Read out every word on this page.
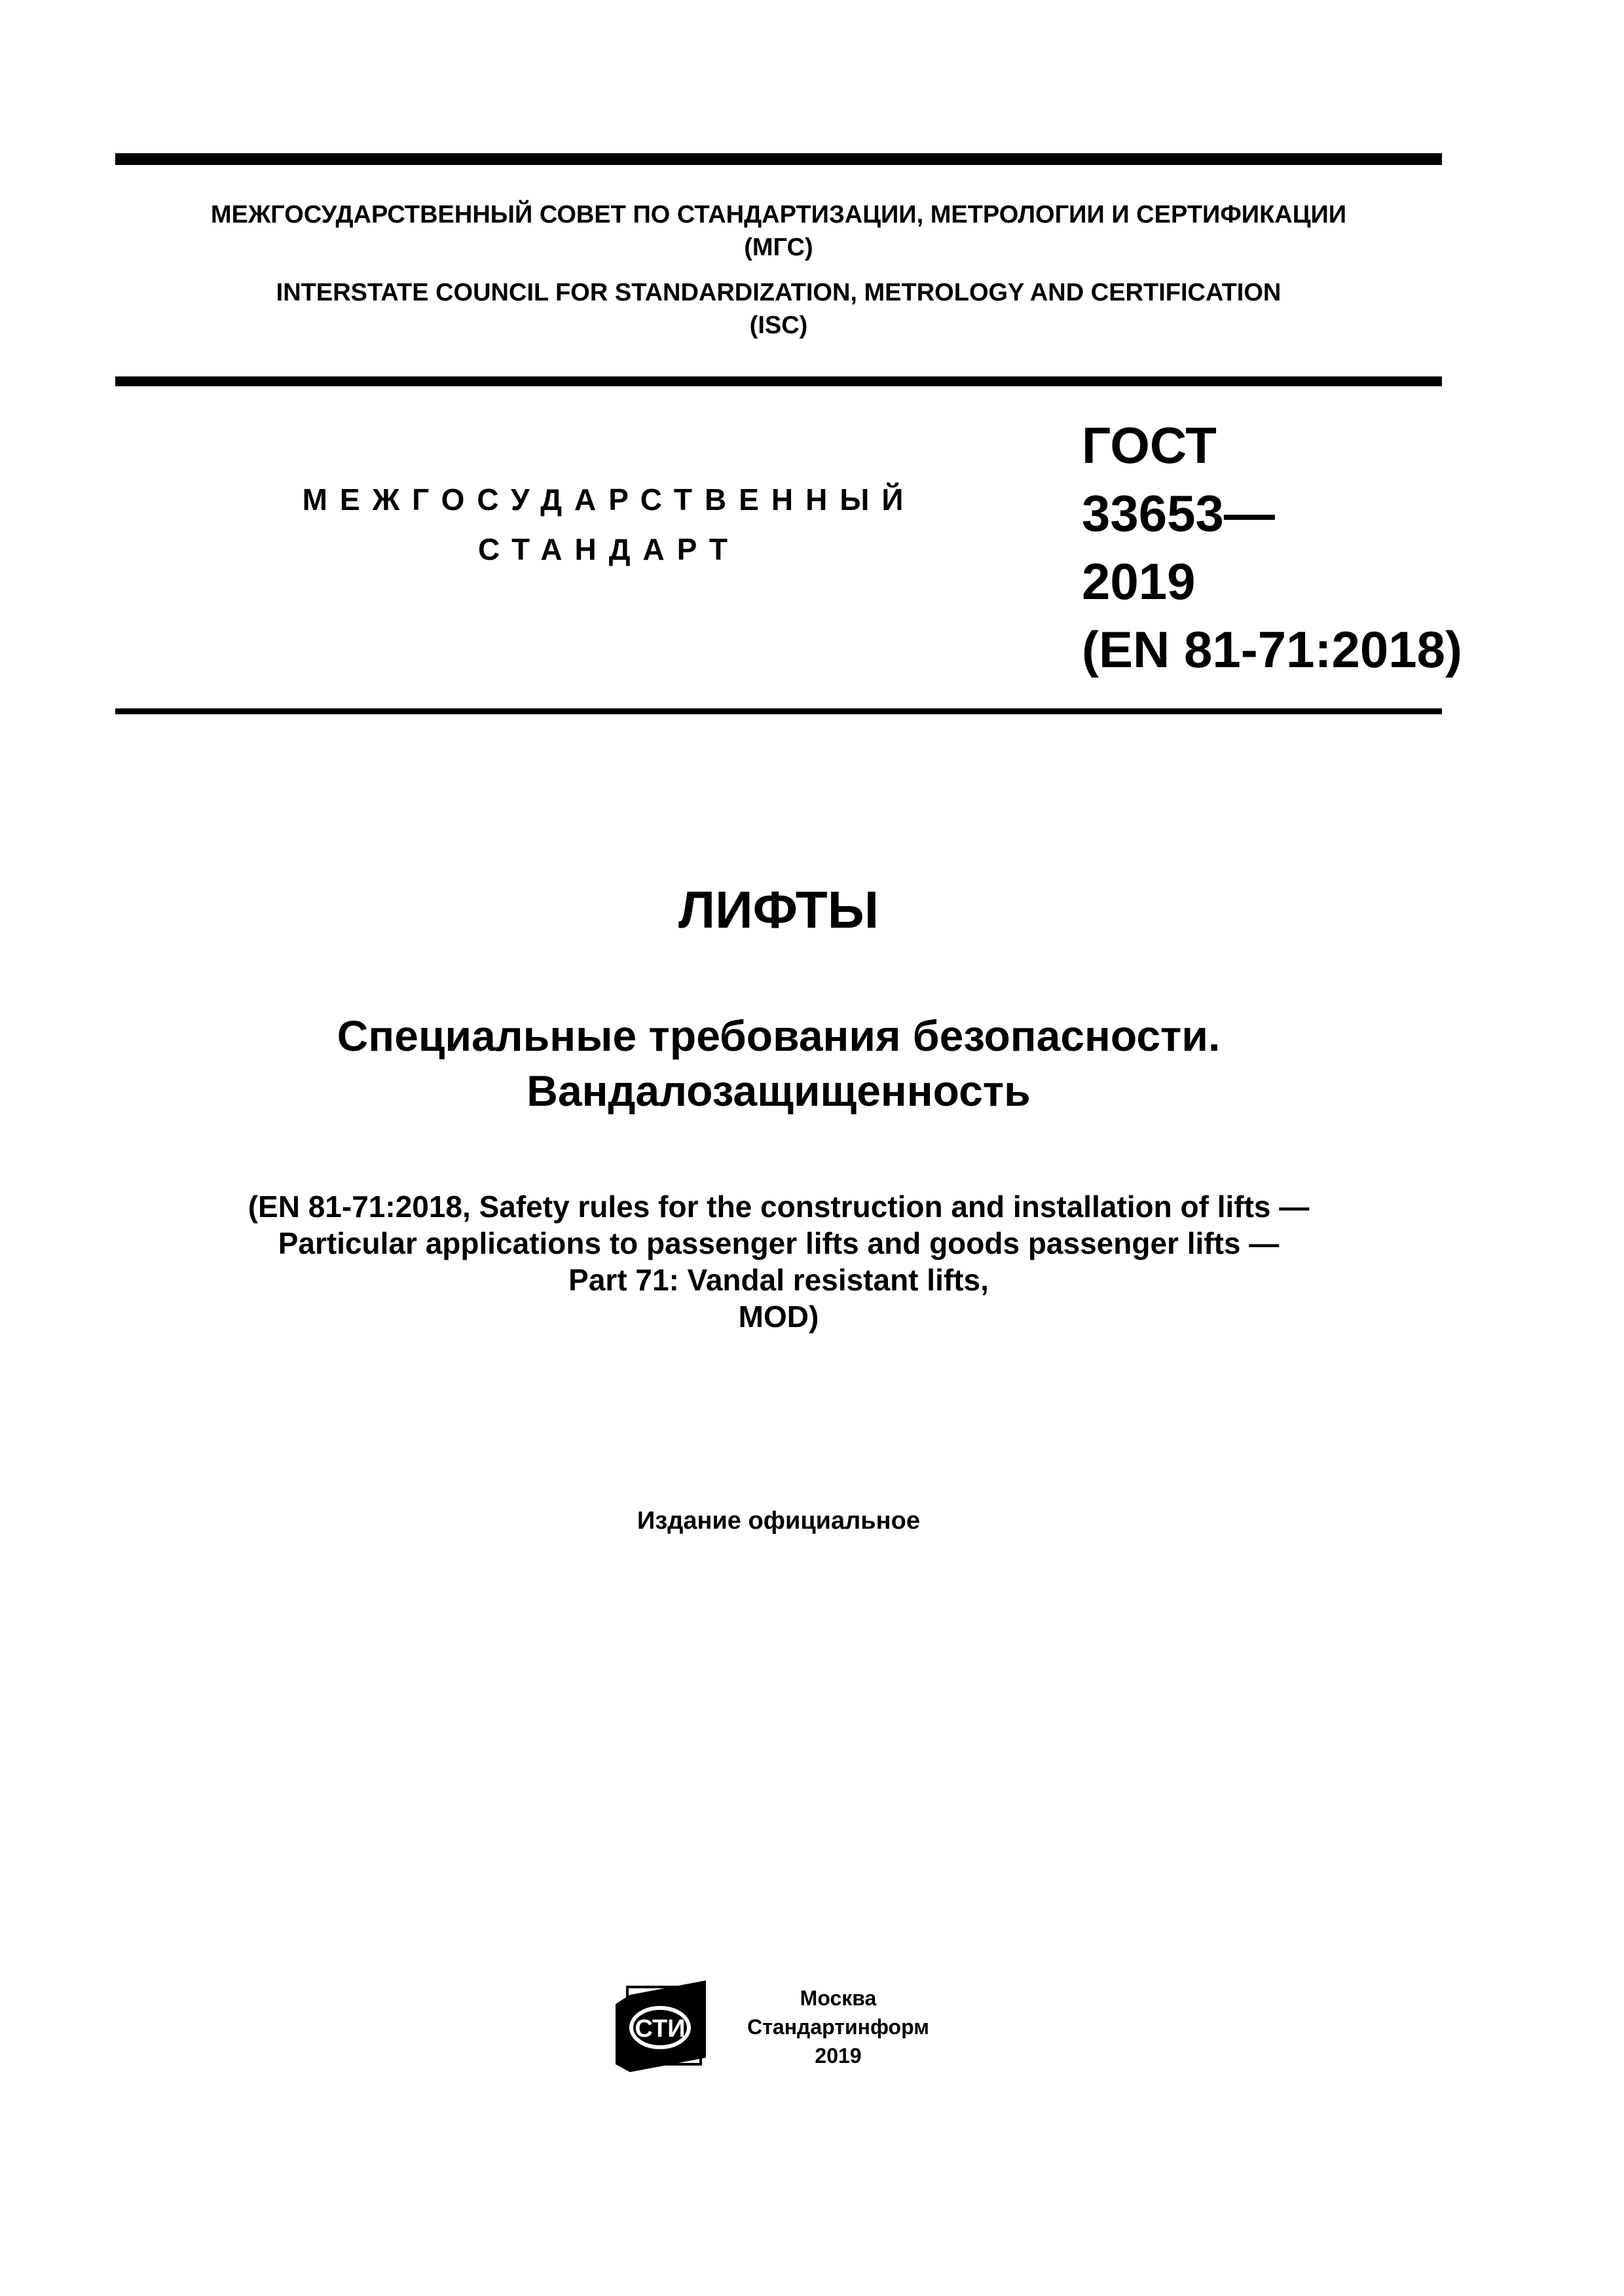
МЕЖГОСУДАРСТВЕННЫЙ СОВЕТ ПО СТАНДАРТИЗАЦИИ, МЕТРОЛОГИИ И СЕРТИФИКАЦИИ
(МГС)
INTERSTATE COUNCIL FOR STANDARDIZATION, METROLOGY AND CERTIFICATION
(ISC)
МЕЖГОСУДАРСТВЕННЫЙ
СТАНДАРТ
ГОСТ
33653—
2019
(EN 81-71:2018)
ЛИФТЫ
Специальные требования безопасности.
Вандалозащищенность
(EN 81-71:2018, Safety rules for the construction and installation of lifts —
Particular applications to passenger lifts and goods passenger lifts —
Part 71: Vandal resistant lifts,
MOD)
Издание официальное
СТИ
Москва
Стандартинформ
2019
